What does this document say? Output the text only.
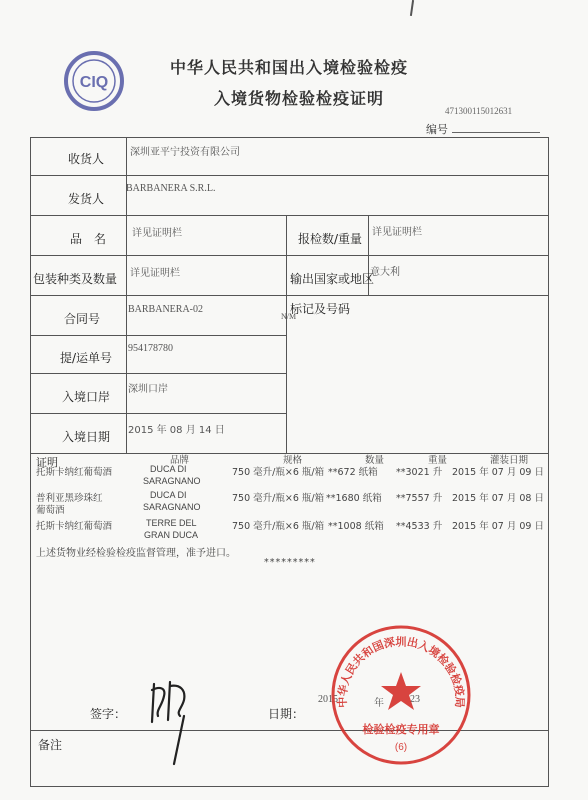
CIQ
中华人民共和国出入境检验检疫
入境货物检验检疫证明
471300115012631
编号
收货人	深圳亚平宁投资有限公司
发货人
BARBANERA S.R.L.
品　名	详见证明栏	报检数/重量 详见证明栏
包装种类及数量 详见证明栏	输出国家或地区
意大利
合同号
BARBANERA-02	标记及号码
N/M
提/运单号
954178780
入境口岸
深圳口岸
入境日期 2015 年 08 月 14 日
证明	品牌	规格	数量	重量	灌装日期
托斯卡纳红葡萄酒	DUCA DI
SARAGNANO
750 毫升/瓶×6 瓶/箱 **672 纸箱 **3021 升 2015 年 07 月 09 日
普利亚黑珍珠红
葡萄酒
DUCA DI
SARAGNANO
750 毫升/瓶×6 瓶/箱 **1680 纸箱 **7557 升 2015 年 07 月 08 日
托斯卡纳红葡萄酒	TERRE DEL
GRAN DUCA
750 毫升/瓶×6 瓶/箱 **1008 纸箱 **4533 升 2015 年 07 月 09 日
上述货物业经检验检疫监督管理，准予进口。
*********
签字：	日期：
2015	年	23
备注
中华人民共和国深圳出入境检验检疫局
检验检疫专用章
(6)
